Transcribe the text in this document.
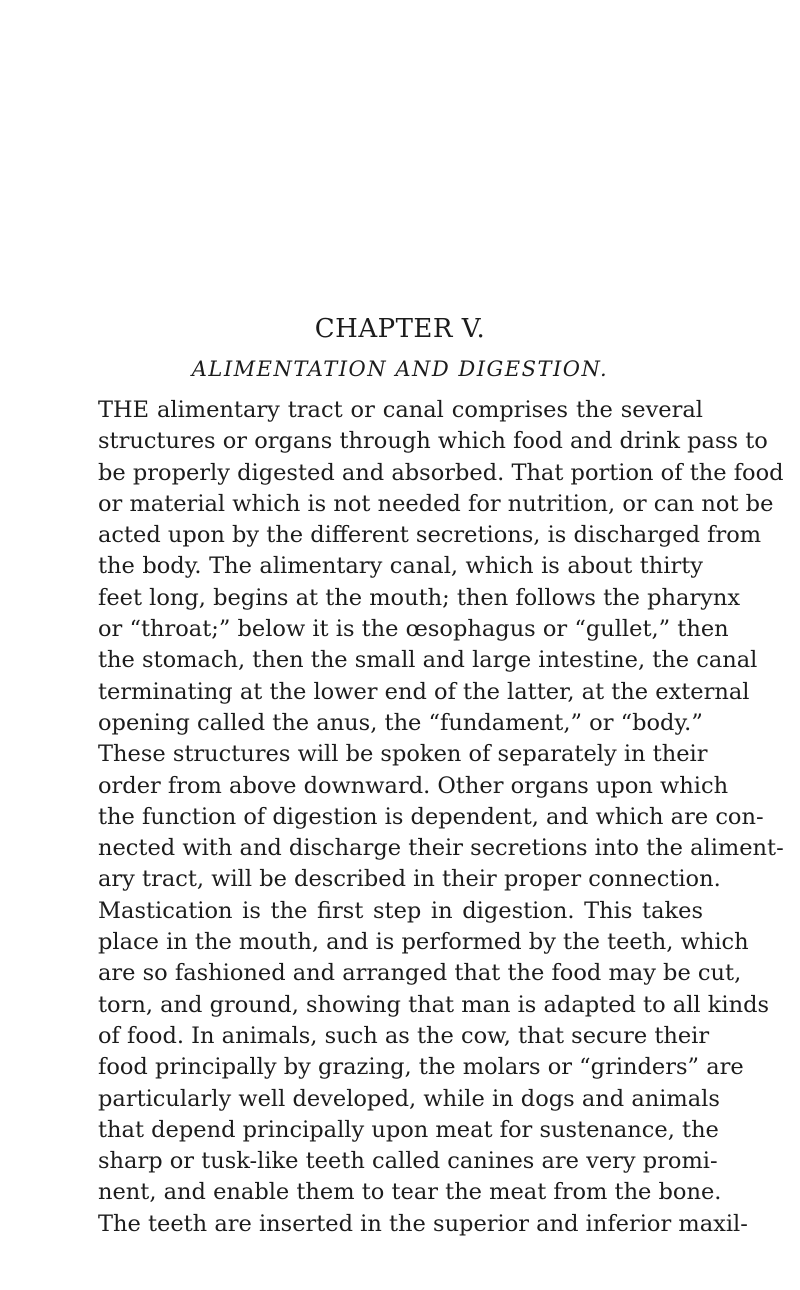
CHAPTER V.
ALIMENTATION AND DIGESTION.
THE alimentary tract or canal comprises the several
structures or organs through which food and drink pass to
be properly digested and absorbed. That portion of the food
or material which is not needed for nutrition, or can not be
acted upon by the different secretions, is discharged from
the body. The alimentary canal, which is about thirty
feet long, begins at the mouth; then follows the pharynx
or “throat;” below it is the œsophagus or “gullet,” then
the stomach, then the small and large intestine, the canal
terminating at the lower end of the latter, at the external
opening called the anus, the “fundament,” or “body.”
These structures will be spoken of separately in their
order from above downward. Other organs upon which
the function of digestion is dependent, and which are con-
nected with and discharge their secretions into the aliment-
ary tract, will be described in their proper connection.
Mastication is the first step in digestion. This takes
place in the mouth, and is performed by the teeth, which
are so fashioned and arranged that the food may be cut,
torn, and ground, showing that man is adapted to all kinds
of food. In animals, such as the cow, that secure their
food principally by grazing, the molars or “grinders” are
particularly well developed, while in dogs and animals
that depend principally upon meat for sustenance, the
sharp or tusk-like teeth called canines are very promi-
nent, and enable them to tear the meat from the bone.
The teeth are inserted in the superior and inferior maxil-
